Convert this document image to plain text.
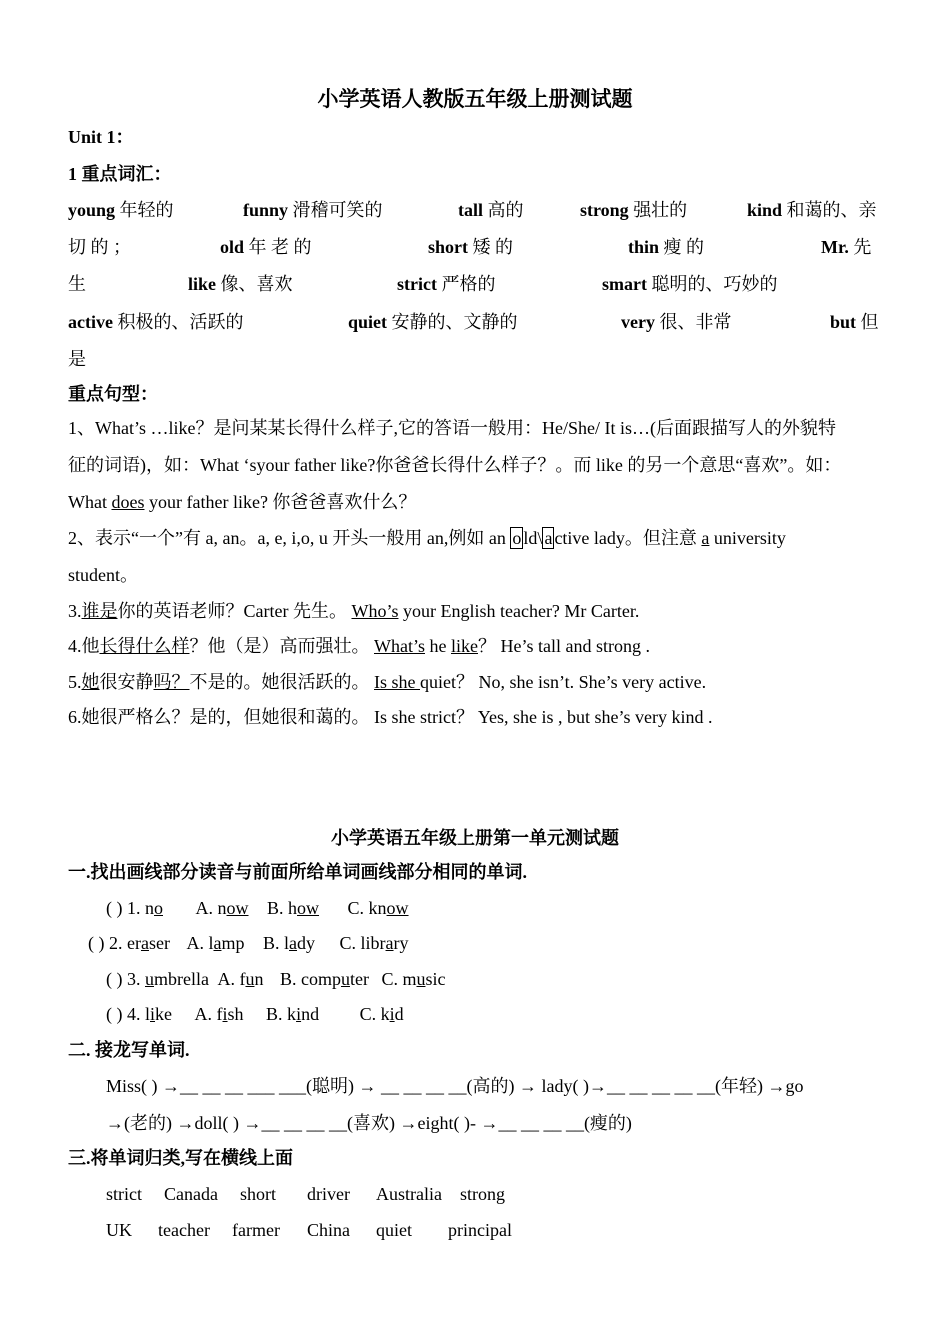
小学英语人教版五年级上册测试题
Unit 1：
1 重点词汇：
young 年轻的	funny 滑稽可笑的	tall 高的	strong 强壮的	kind 和蔼的、亲
切 的 ；	old 年 老 的	short 矮 的	thin 瘦 的	Mr. 先
生	like 像、喜欢	strict 严格的	smart 聪明的、巧妙的
active 积极的、活跃的	quiet 安静的、文静的	very 很、非常	but 但
是
重点句型：
1、What’s …like？是问某某长得什么样子,它的答语一般用：He/She/ It is…(后面跟描写人的外貌特
征的词语)，如：What ‘syour father like?你爸爸长得什么样子？。而 like 的另一个意思“喜欢”。如：
What does your father like? 你爸爸喜欢什么？
2、表示“一个”有 a, an。a, e, i,o, u 开头一般用 an,例如 an o ld\ a ctive lady。但注意 a university
student。
3.谁是你的英语老师？Carter 先生。 Who’s your English teacher? Mr Carter.
4.他长得什么样？他（是）高而强壮。 What’s he like？ He’s tall and strong .
5.她很安静吗？不是的。她很活跃的。 Is she quiet？ No, she isn’t. She’s very active.
6.她很严格么？是的，但她很和蔼的。 Is she strict？ Yes, she is , but she’s very kind .
小学英语五年级上册第一单元测试题
一.找出画线部分读音与前面所给单词画线部分相同的单词.
( ) 1. no A. now B. how C. know
( ) 2. eraser A. lamp B. lady C. library
( ) 3. umbrella A. fun B. computer C. music
( ) 4. like A. fish B. kind C. kid
二. 接龙写单词.
Miss( ) →__ __ __ ___ ___(聪明) → __ __ __ __(高的) → lady( )→__ __ __ __ __(年轻) →go
→(老的) →doll( ) →__ __ __ __(喜欢) →eight( )- →__ __ __ __(瘦的)
三.将单词归类,写在横线上面
strict Canada short driver Australia strong
UK teacher farmer China quiet principal
